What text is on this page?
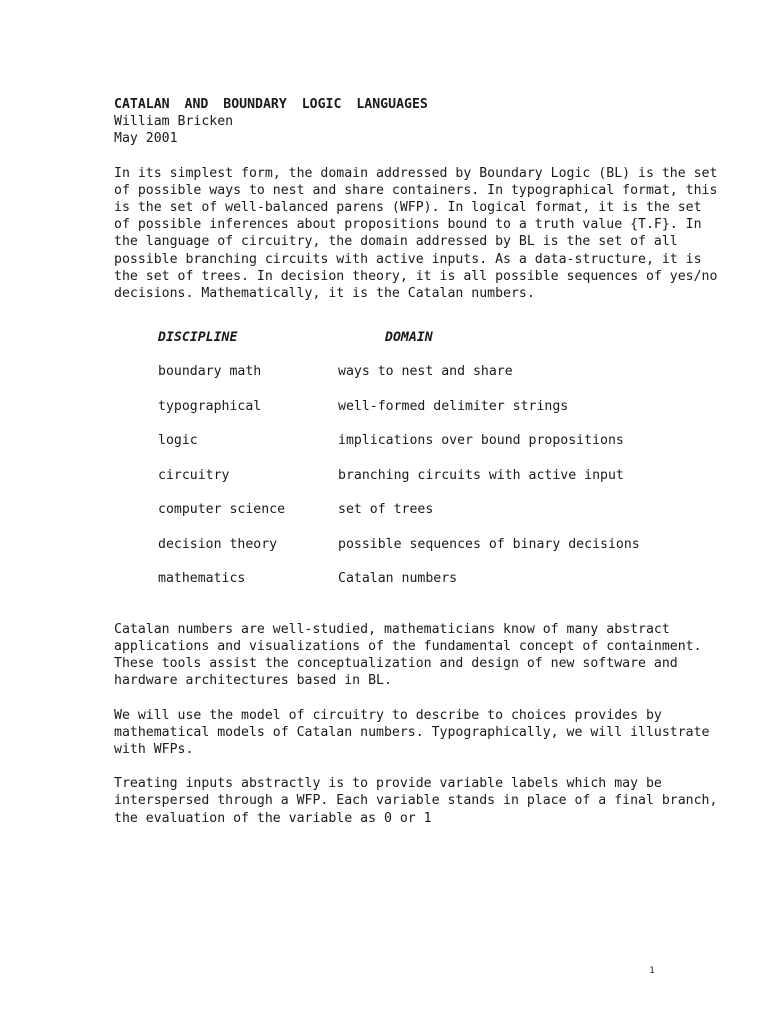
CATALAN AND BOUNDARY LOGIC LANGUAGES
William Bricken
May 2001

In its simplest form, the domain addressed by Boundary Logic (BL) is the set
of possible ways to nest and share containers. In typographical format, this
is the set of well-balanced parens (WFP). In logical format, it is the set
of possible inferences about propositions bound to a truth value {T.F}. In
the language of circuitry, the domain addressed by BL is the set of all
possible branching circuits with active inputs. As a data-structure, it is
the set of trees. In decision theory, it is all possible sequences of yes/no
decisions. Mathematically, it is the Catalan numbers.

DISCIPLINE	DOMAIN
boundary math	ways to nest and share
typographical	well-formed delimiter strings
logic	implications over bound propositions
circuitry	branching circuits with active input
computer science	set of trees
decision theory	possible sequences of binary decisions
mathematics	Catalan numbers

Catalan numbers are well-studied, mathematicians know of many abstract
applications and visualizations of the fundamental concept of containment.
These tools assist the conceptualization and design of new software and
hardware architectures based in BL.

We will use the model of circuitry to describe to choices provides by
mathematical models of Catalan numbers. Typographically, we will illustrate
with WFPs.

Treating inputs abstractly is to provide variable labels which may be
interspersed through a WFP. Each variable stands in place of a final branch,
the evaluation of the variable as 0 or 1

1
